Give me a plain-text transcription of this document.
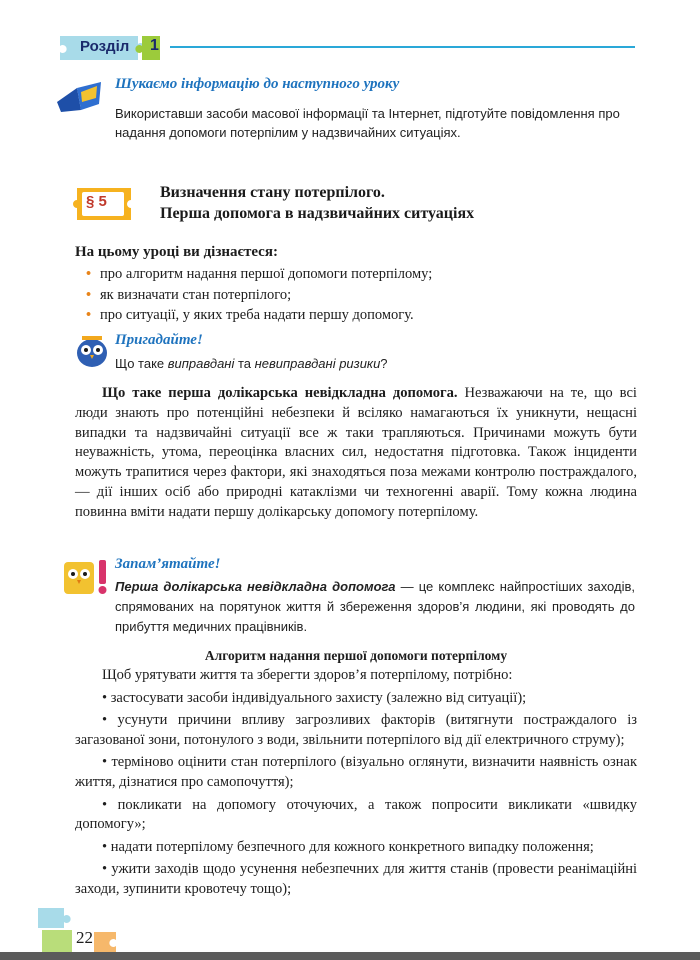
Розділ 1
Шукаємо інформацію до наступного уроку
Використавши засоби масової інформації та Інтернет, підготуйте повідомлення про надання допомоги потерпілим у надзвичайних ситуаціях.
§ 5
Визначення стану потерпілого.
Перша допомога в надзвичайних ситуаціях
На цьому уроці ви дізнаєтеся:
• про алгоритм надання першої допомоги потерпілому;
• як визначати стан потерпілого;
• про ситуації, у яких треба надати першу допомогу.
Пригадайте!
Що таке виправдані та невиправдані ризики?

Що таке перша долікарська невідкладна допомога. Незважаючи на те, що всі люди знають про потенційні небезпеки й всіляко намагаються їх уникнути, нещасні випадки та надзвичайні ситуації все ж таки трапляються. Причинами можуть бути неуважність, утома, переоцінка власних сил, недостатня підготовка. Також інциденти можуть трапитися через фактори, які знаходяться поза межами контролю постраждалого, — дії інших осіб або природні катаклізми чи техногенні аварії. Тому кожна людина повинна вміти надати першу долікарську допомогу потерпілому.

Запам’ятайте!

Перша долікарська невідкладна допомога — це комплекс найпростіших заходів, спрямованих на порятунок життя й збереження здоров’я людини, які проводять до прибуття медичних працівників.

Алгоритм надання першої допомоги потерпілому

Щоб урятувати життя та зберегти здоров’я потерпілому, потрібно:

• застосувати засоби індивідуального захисту (залежно від ситуації);

• усунути причини впливу загрозливих факторів (витягнути постраждалого із загазованої зони, потонулого з води, звільнити потерпілого від дії електричного струму);

• терміново оцінити стан потерпілого (візуально оглянути, визначити наявність ознак життя, дізнатися про самопочуття);

• покликати на допомогу оточуючих, а також попросити викликати «швидку допомогу»;

• надати потерпілому безпечного для кожного конкретного випадку положення;

• ужити заходів щодо усунення небезпечних для життя станів (провести реанімаційні заходи, зупинити кровотечу тощо);

22
